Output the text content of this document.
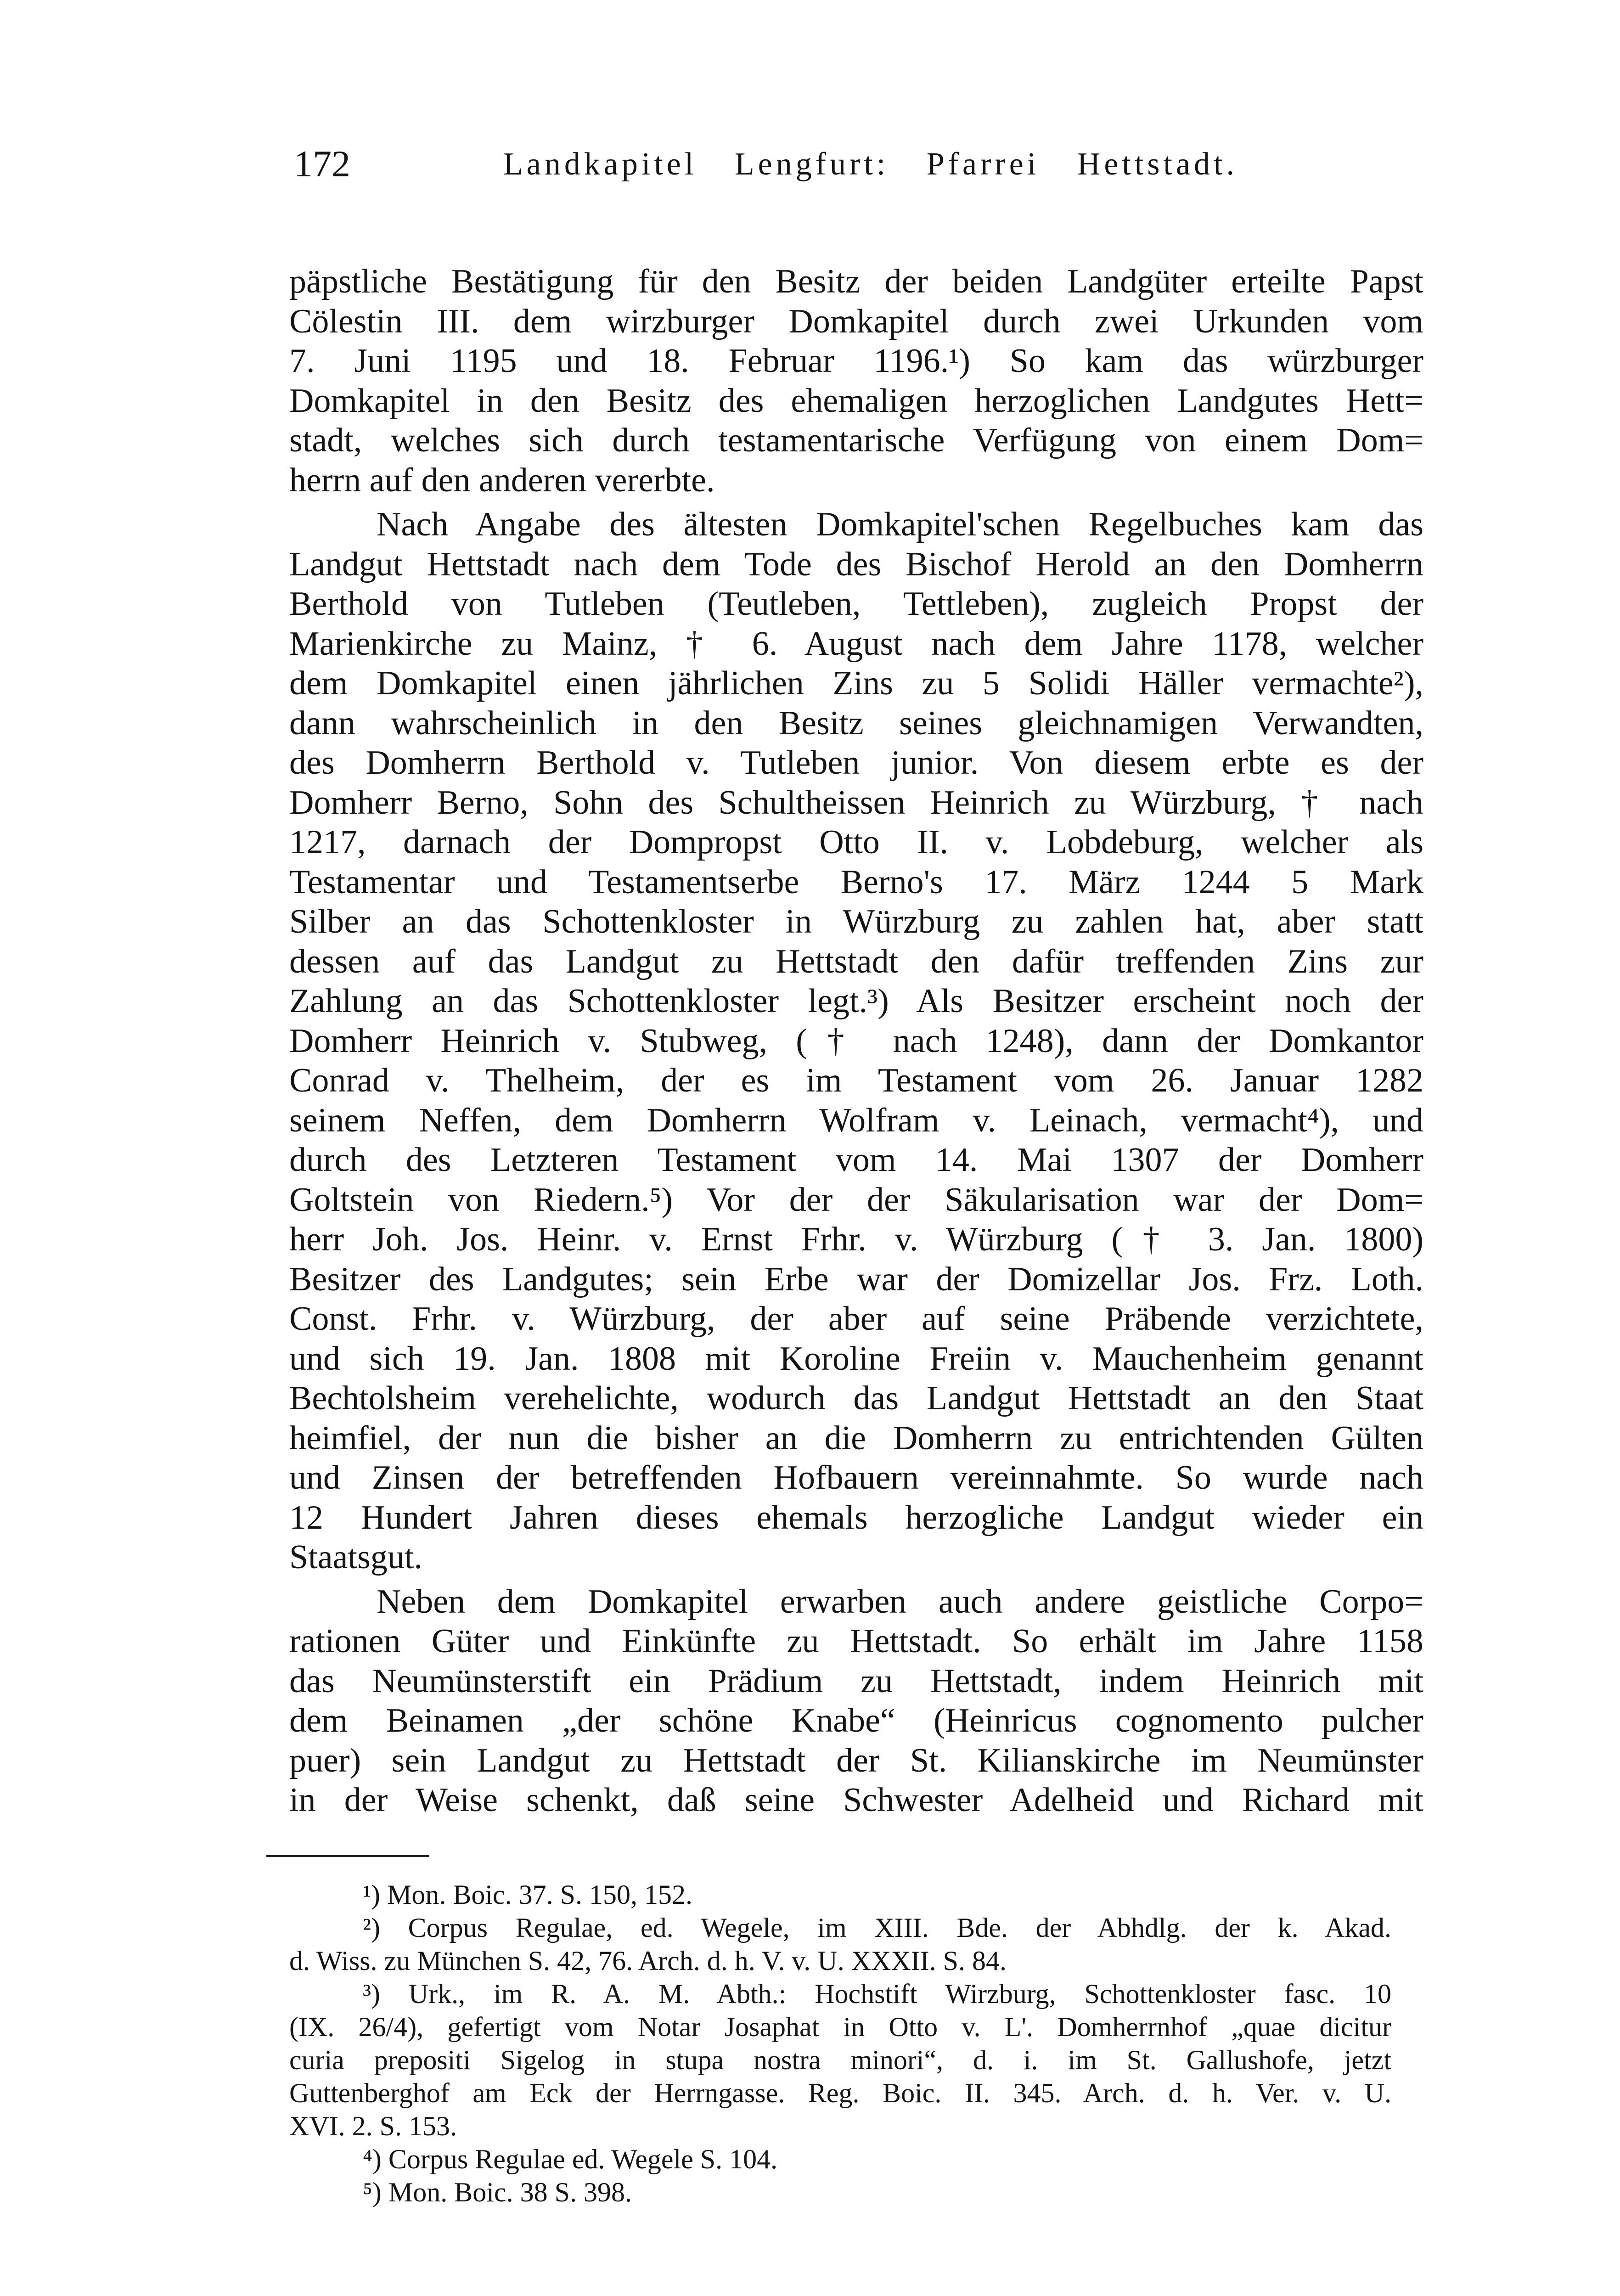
172	Landkapitel Lengfurt: Pfarrei Hettstadt.
päpstliche Bestätigung für den Besitz der beiden Landgüter erteilte Papst
Cölestin III. dem wirzburger Domkapitel durch zwei Urkunden vom
7. Juni 1195 und 18. Februar 1196.¹) So kam das würzburger
Domkapitel in den Besitz des ehemaligen herzoglichen Landgutes Hett=
stadt, welches sich durch testamentarische Verfügung von einem Dom=
herrn auf den anderen vererbte.
Nach Angabe des ältesten Domkapitel'schen Regelbuches kam das
Landgut Hettstadt nach dem Tode des Bischof Herold an den Domherrn
Berthold von Tutleben (Teutleben, Tettleben), zugleich Propst der
Marienkirche zu Mainz, † 6. August nach dem Jahre 1178, welcher
dem Domkapitel einen jährlichen Zins zu 5 Solidi Häller vermachte²),
dann wahrscheinlich in den Besitz seines gleichnamigen Verwandten,
des Domherrn Berthold v. Tutleben junior. Von diesem erbte es der
Domherr Berno, Sohn des Schultheissen Heinrich zu Würzburg, † nach
1217, darnach der Dompropst Otto II. v. Lobdeburg, welcher als
Testamentar und Testamentserbe Berno's 17. März 1244 5 Mark
Silber an das Schottenkloster in Würzburg zu zahlen hat, aber statt
dessen auf das Landgut zu Hettstadt den dafür treffenden Zins zur
Zahlung an das Schottenkloster legt.³) Als Besitzer erscheint noch der
Domherr Heinrich v. Stubweg, († nach 1248), dann der Domkantor
Conrad v. Thelheim, der es im Testament vom 26. Januar 1282
seinem Neffen, dem Domherrn Wolfram v. Leinach, vermacht⁴), und
durch des Letzteren Testament vom 14. Mai 1307 der Domherr
Goltstein von Riedern.⁵) Vor der der Säkularisation war der Dom=
herr Joh. Jos. Heinr. v. Ernst Frhr. v. Würzburg († 3. Jan. 1800)
Besitzer des Landgutes; sein Erbe war der Domizellar Jos. Frz. Loth.
Const. Frhr. v. Würzburg, der aber auf seine Präbende verzichtete,
und sich 19. Jan. 1808 mit Koroline Freiin v. Mauchenheim genannt
Bechtolsheim verehelichte, wodurch das Landgut Hettstadt an den Staat
heimfiel, der nun die bisher an die Domherrn zu entrichtenden Gülten
und Zinsen der betreffenden Hofbauern vereinnahmte. So wurde nach
12 Hundert Jahren dieses ehemals herzogliche Landgut wieder ein
Staatsgut.
Neben dem Domkapitel erwarben auch andere geistliche Corpo=
rationen Güter und Einkünfte zu Hettstadt. So erhält im Jahre 1158
das Neumünsterstift ein Prädium zu Hettstadt, indem Heinrich mit
dem Beinamen „der schöne Knabe“ (Heinricus cognomento pulcher
puer) sein Landgut zu Hettstadt der St. Kilianskirche im Neumünster
in der Weise schenkt, daß seine Schwester Adelheid und Richard mit
¹) Mon. Boic. 37. S. 150, 152.
²) Corpus Regulae, ed. Wegele, im XIII. Bde. der Abhdlg. der k. Akad.
d. Wiss. zu München S. 42, 76. Arch. d. h. V. v. U. XXXII. S. 84.
³) Urk., im R. A. M. Abth.: Hochstift Wirzburg, Schottenkloster fasc. 10
(IX. 26/4), gefertigt vom Notar Josaphat in Otto v. L'. Domherrnhof „quae dicitur
curia prepositi Sigelog in stupa nostra minori“, d. i. im St. Gallushofe, jetzt
Guttenberghof am Eck der Herrngasse. Reg. Boic. II. 345. Arch. d. h. Ver. v. U.
XVI. 2. S. 153.
⁴) Corpus Regulae ed. Wegele S. 104.
⁵) Mon. Boic. 38 S. 398.
